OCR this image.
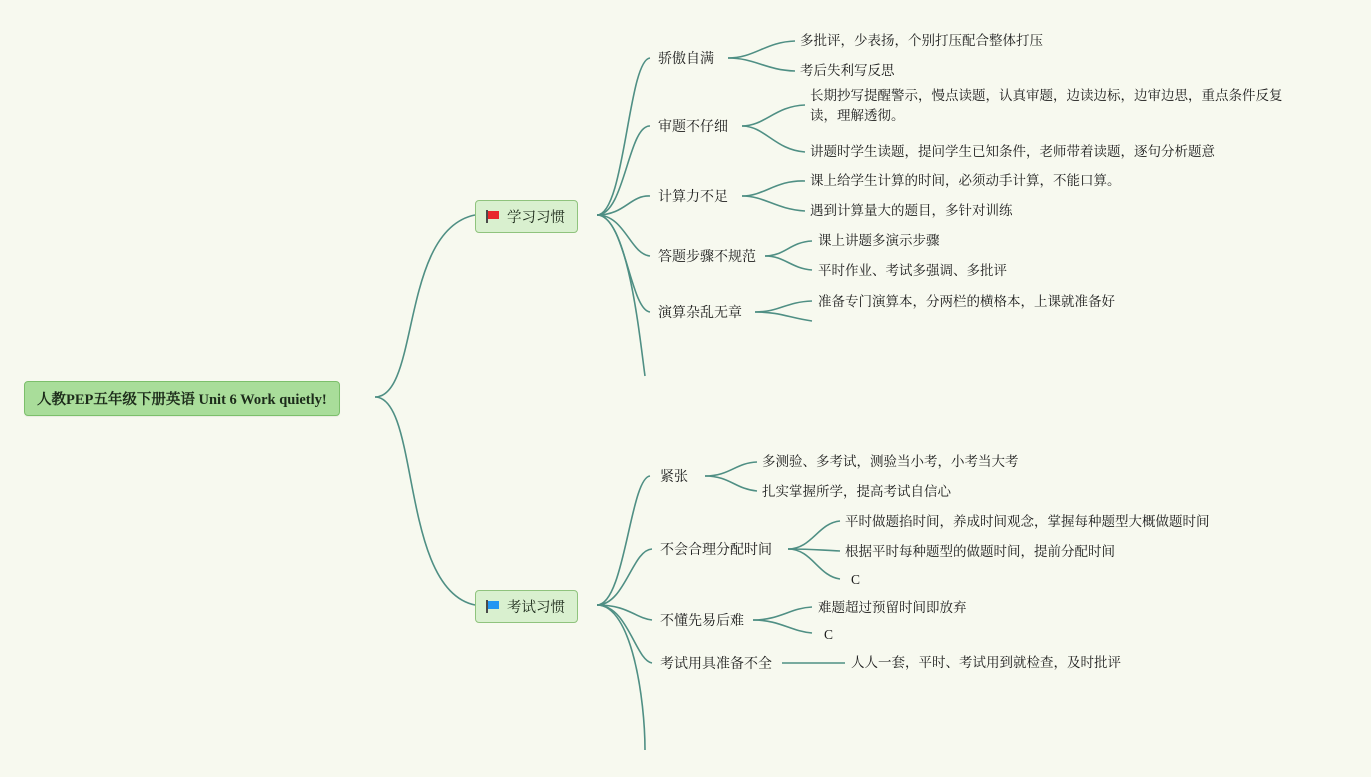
人教PEP五年级下册英语 Unit 6 Work quietly!
学习习惯
骄傲自满
审题不仔细
计算力不足
答题步骤不规范
演算杂乱无章
多批评，少表扬，个别打压配合整体打压
考后失利写反思
长期抄写提醒警示，慢点读题，认真审题，边读边标，边审边思，重点条件反复读，理解透彻。
讲题时学生读题，提问学生已知条件，老师带着读题，逐句分析题意
课上给学生计算的时间，必须动手计算，不能口算。
遇到计算量大的题目，多针对训练
课上讲题多演示步骤
平时作业、考试多强调、多批评
准备专门演算本，分两栏的横格本，上课就准备好
考试习惯
紧张
不会合理分配时间
不懂先易后难
考试用具准备不全
多测验、多考试，测验当小考，小考当大考
扎实掌握所学，提高考试自信心
平时做题掐时间，养成时间观念，掌握每种题型大概做题时间
根据平时每种题型的做题时间，提前分配时间
C
难题超过预留时间即放弃
C
人人一套，平时、考试用到就检查，及时批评
